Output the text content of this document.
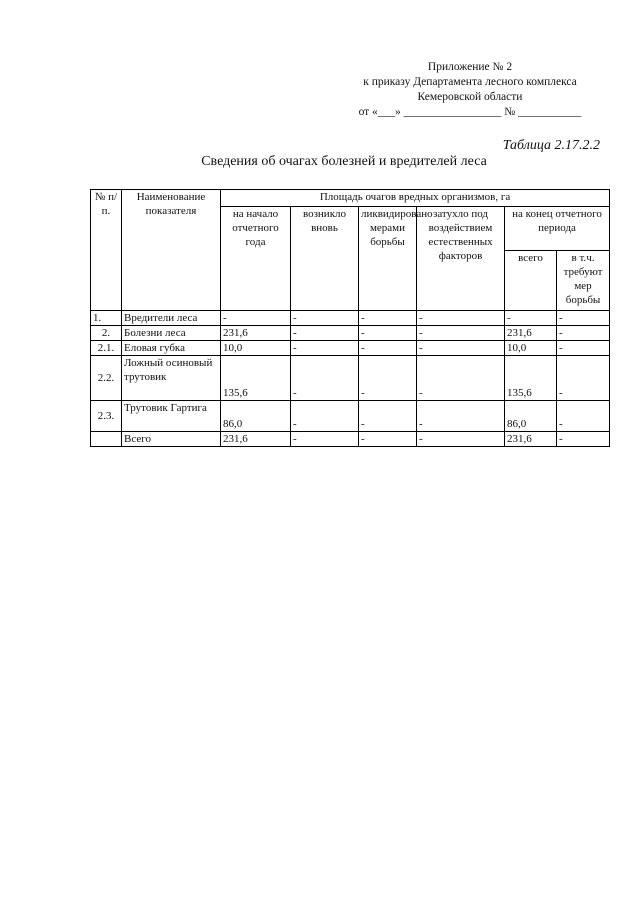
Приложение № 2
к приказу Департамента лесного комплекса
Кемеровской области
от «___» _________________ № ___________
Таблица 2.17.2.2
Сведения об очагах болезней и вредителей леса
№ п/п.	Наименование показателя	Площадь очагов вредных организмов, га					
		на начало отчетного года	возникло вновь	ликвидировано мерами борьбы	затухло под воздействием естественных факторов	на конец отчетного периода	
						всего	в т.ч. требуют мер борьбы
1.	Вредители леса	-	-	-	-	-	-
2.	Болезни леса	231,6	-	-	-	231,6	-
2.1.	Еловая губка	10,0	-	-	-	10,0	-
2.2.	Ложный осиновый трутовик	135,6	-	-	-	135,6	-
2.3.	Трутовик Гартига	86,0	-	-	-	86,0	-
	Всего	231,6	-	-	-	231,6	-
